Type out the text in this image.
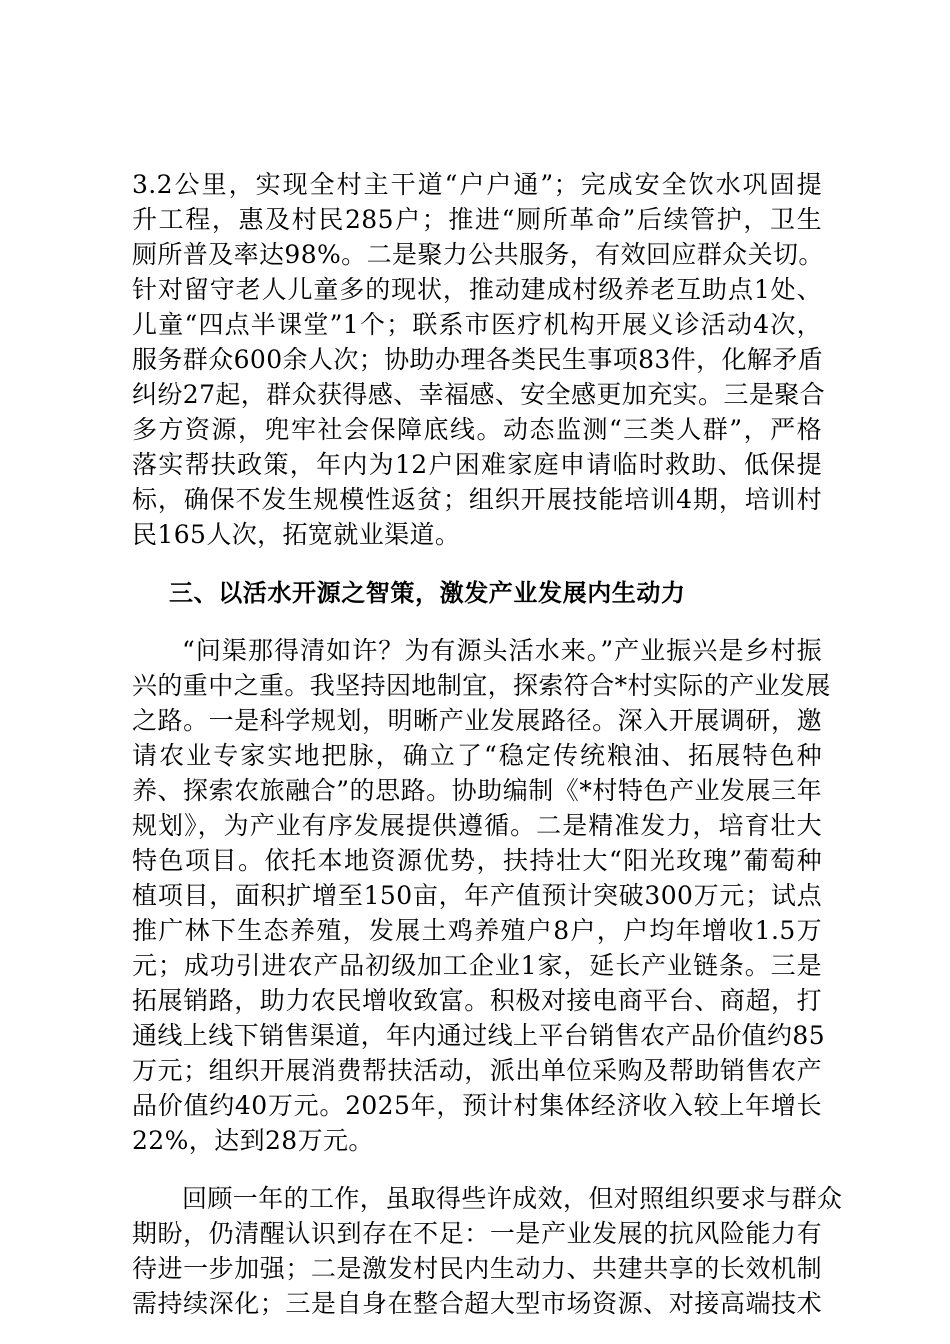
3.2公里，实现全村主干道“户户通”；完成安全饮水巩固提

升工程，惠及村民285户；推进“厕所革命”后续管护，卫生

厕所普及率达98%。二是聚力公共服务，有效回应群众关切。

针对留守老人儿童多的现状，推动建成村级养老互助点1处、

儿童“四点半课堂”1个；联系市医疗机构开展义诊活动4次，

服务群众600余人次；协助办理各类民生事项83件，化解矛盾

纠纷27起，群众获得感、幸福感、安全感更加充实。三是聚合

多方资源，兜牢社会保障底线。动态监测“三类人群”，严格

落实帮扶政策，年内为12户困难家庭申请临时救助、低保提

标，确保不发生规模性返贫；组织开展技能培训4期，培训村

民165人次，拓宽就业渠道。

三、以活水开源之智策，激发产业发展内生动力

“问渠那得清如许？为有源头活水来。”产业振兴是乡村振

兴的重中之重。我坚持因地制宜，探索符合*村实际的产业发展

之路。一是科学规划，明晰产业发展路径。深入开展调研，邀

请农业专家实地把脉，确立了“稳定传统粮油、拓展特色种

养、探索农旅融合”的思路。协助编制《*村特色产业发展三年

规划》，为产业有序发展提供遵循。二是精准发力，培育壮大

特色项目。依托本地资源优势，扶持壮大“阳光玫瑰”葡萄种

植项目，面积扩增至150亩，年产值预计突破300万元；试点

推广林下生态养殖，发展土鸡养殖户8户，户均年增收1.5万

元；成功引进农产品初级加工企业1家，延长产业链条。三是

拓展销路，助力农民增收致富。积极对接电商平台、商超，打

通线上线下销售渠道，年内通过线上平台销售农产品价值约85

万元；组织开展消费帮扶活动，派出单位采购及帮助销售农产

品价值约40万元。2025年，预计村集体经济收入较上年增长

22%，达到28万元。

回顾一年的工作，虽取得些许成效，但对照组织要求与群众

期盼，仍清醒认识到存在不足：一是产业发展的抗风险能力有

待进一步加强；二是激发村民内生动力、共建共享的长效机制

需持续深化；三是自身在整合超大型市场资源、对接高端技术
